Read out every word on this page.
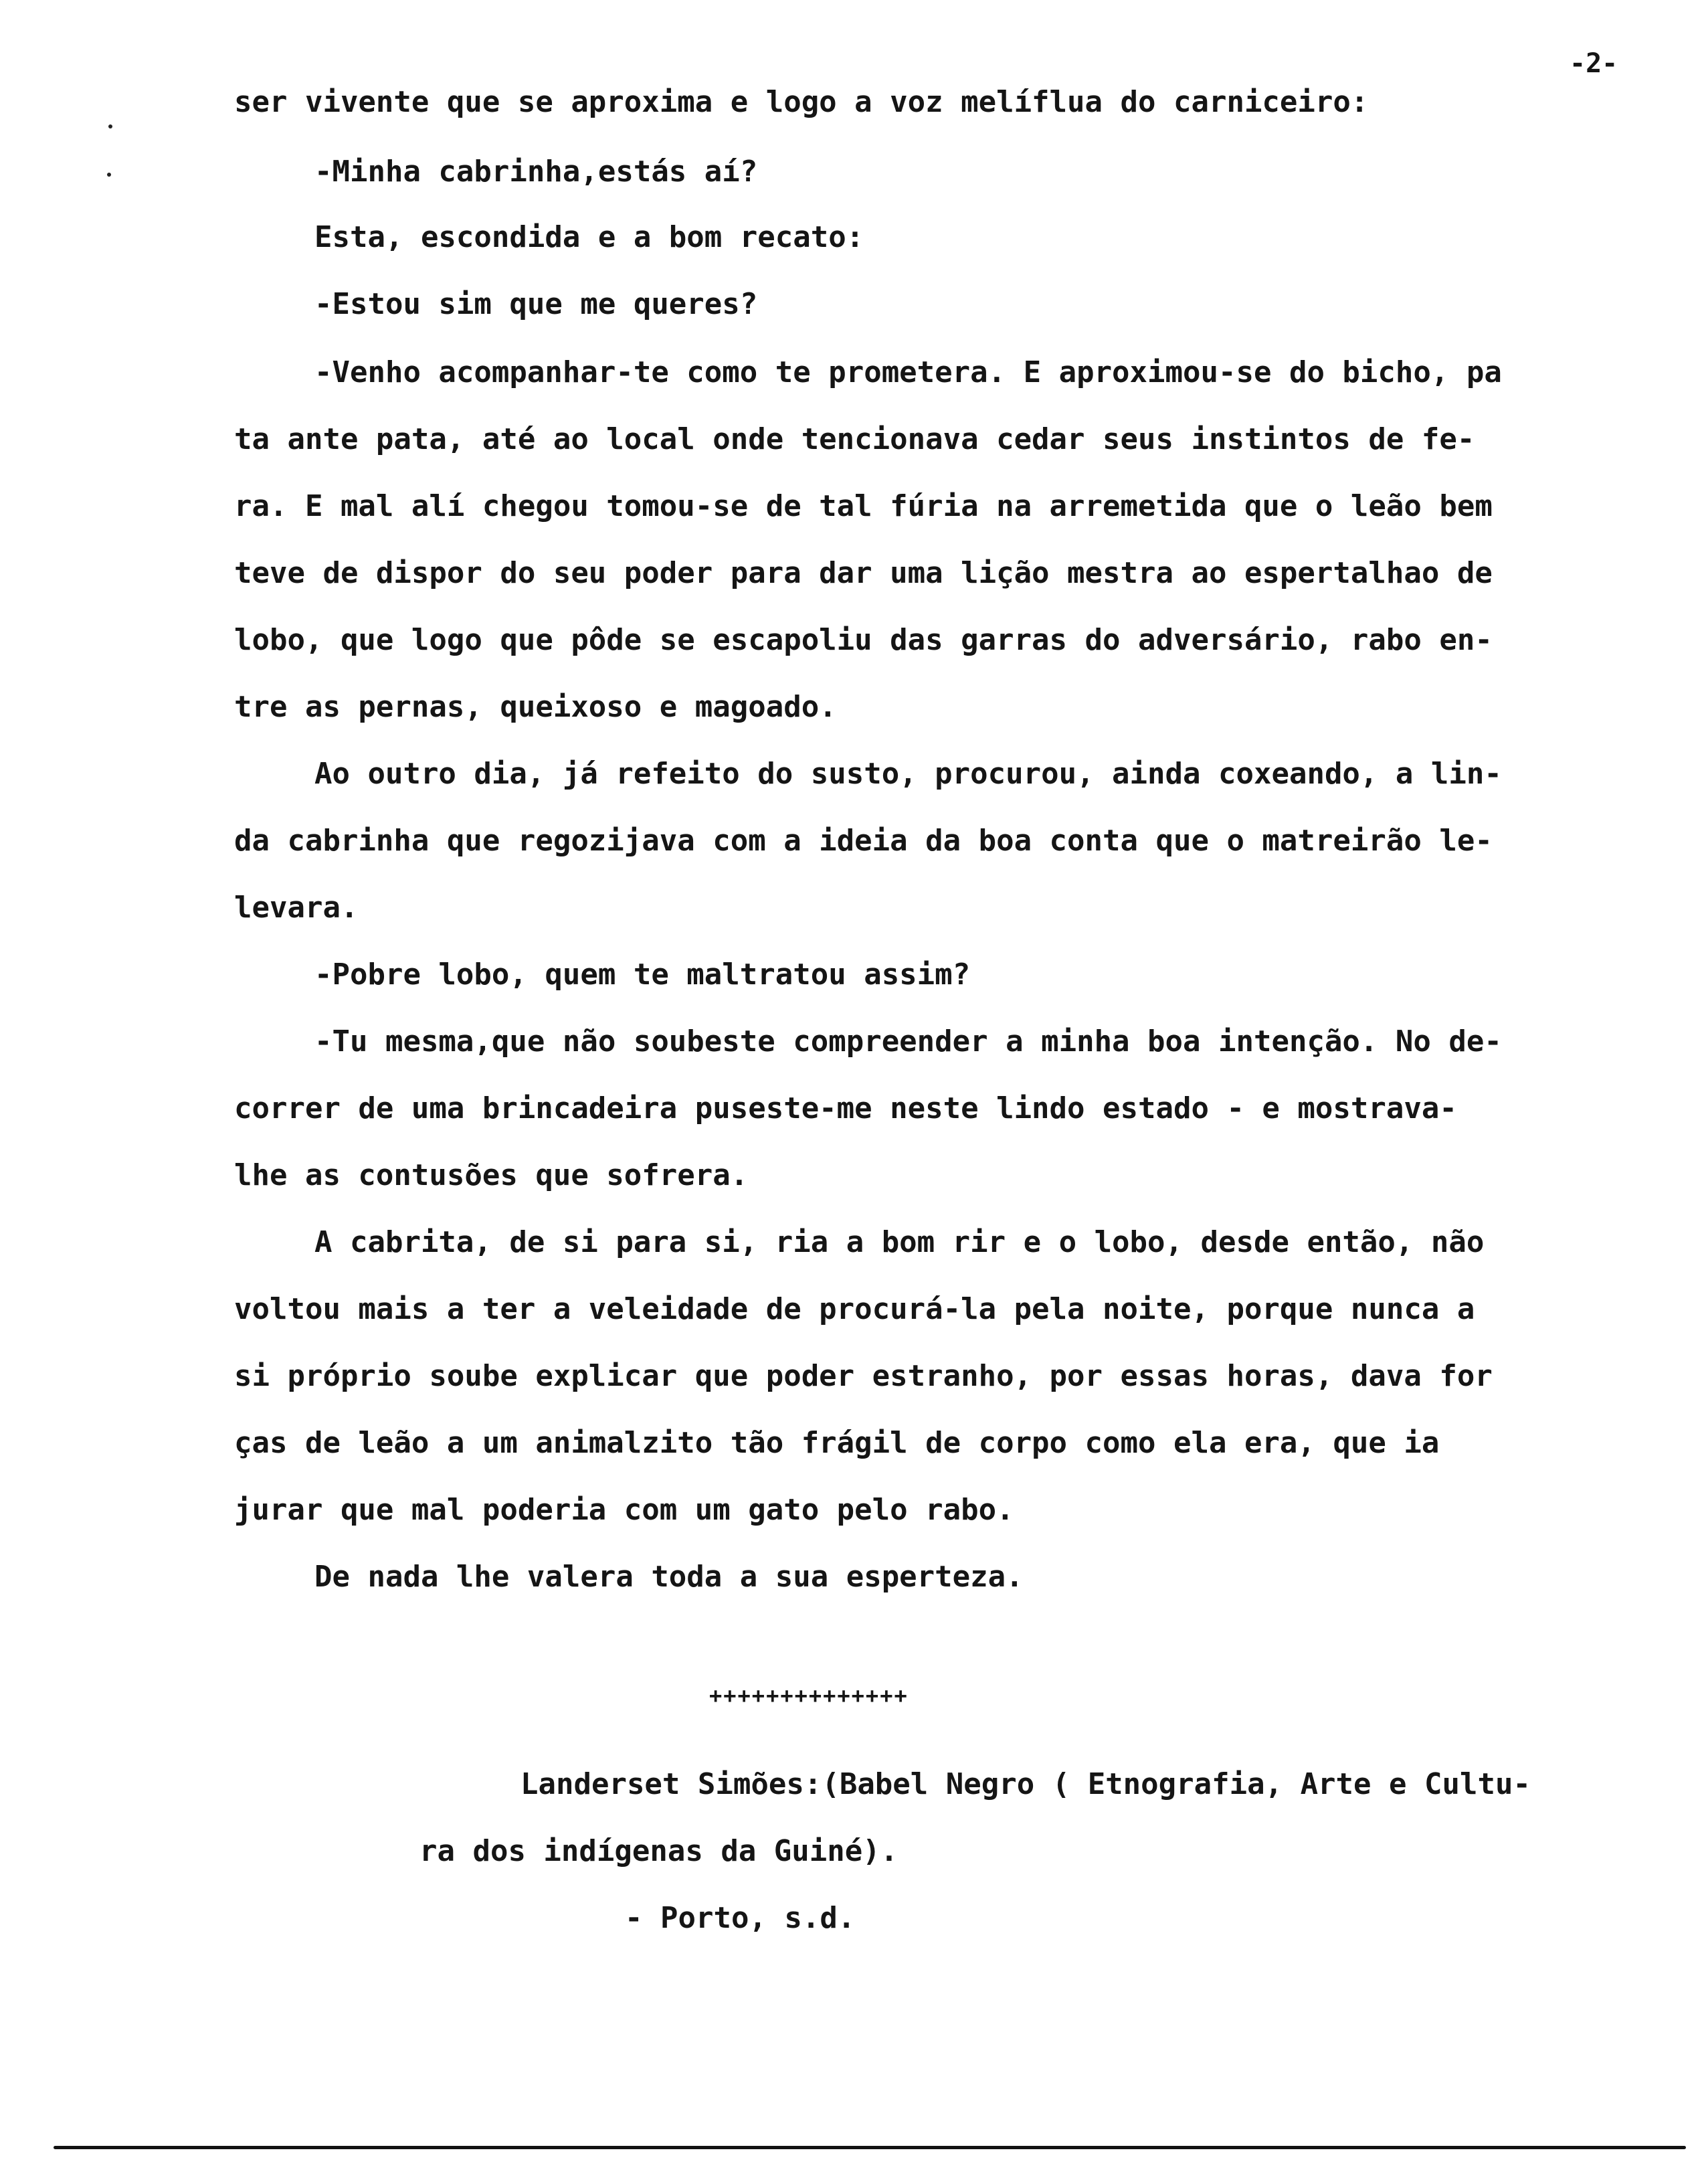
-2-
ser vivente que se aproxima e logo a voz melíflua do carniceiro:
-Minha cabrinha,estás aí?
Esta, escondida e a bom recato:
-Estou sim que me queres?
-Venho acompanhar-te como te prometera. E aproximou-se do bicho, pa
ta ante pata, até ao local onde tencionava cedar seus instintos de fe-
ra. E mal alí chegou tomou-se de tal fúria na arremetida que o leão bem
teve de dispor do seu poder para dar uma lição mestra ao espertalhao de
lobo, que logo que pôde se escapoliu das garras do adversário, rabo en-
tre as pernas, queixoso e magoado.
Ao outro dia, já refeito do susto, procurou, ainda coxeando, a lin-
da cabrinha que regozijava com a ideia da boa conta que o matreirão le-
levara.
-Pobre lobo, quem te maltratou assim?
-Tu mesma,que não soubeste compreender a minha boa intenção. No de-
correr de uma brincadeira puseste-me neste lindo estado - e mostrava-
lhe as contusões que sofrera.
A cabrita, de si para si, ria a bom rir e o lobo, desde então, não
voltou mais a ter a veleidade de procurá-la pela noite, porque nunca a
si próprio soube explicar que poder estranho, por essas horas, dava for
ças de leão a um animalzito tão frágil de corpo como ela era, que ia
jurar que mal poderia com um gato pelo rabo.
De nada lhe valera toda a sua esperteza.
++++++++++++++
Landerset Simões:(Babel Negro ( Etnografia, Arte e Cultu-
ra dos indígenas da Guiné).
- Porto, s.d.
